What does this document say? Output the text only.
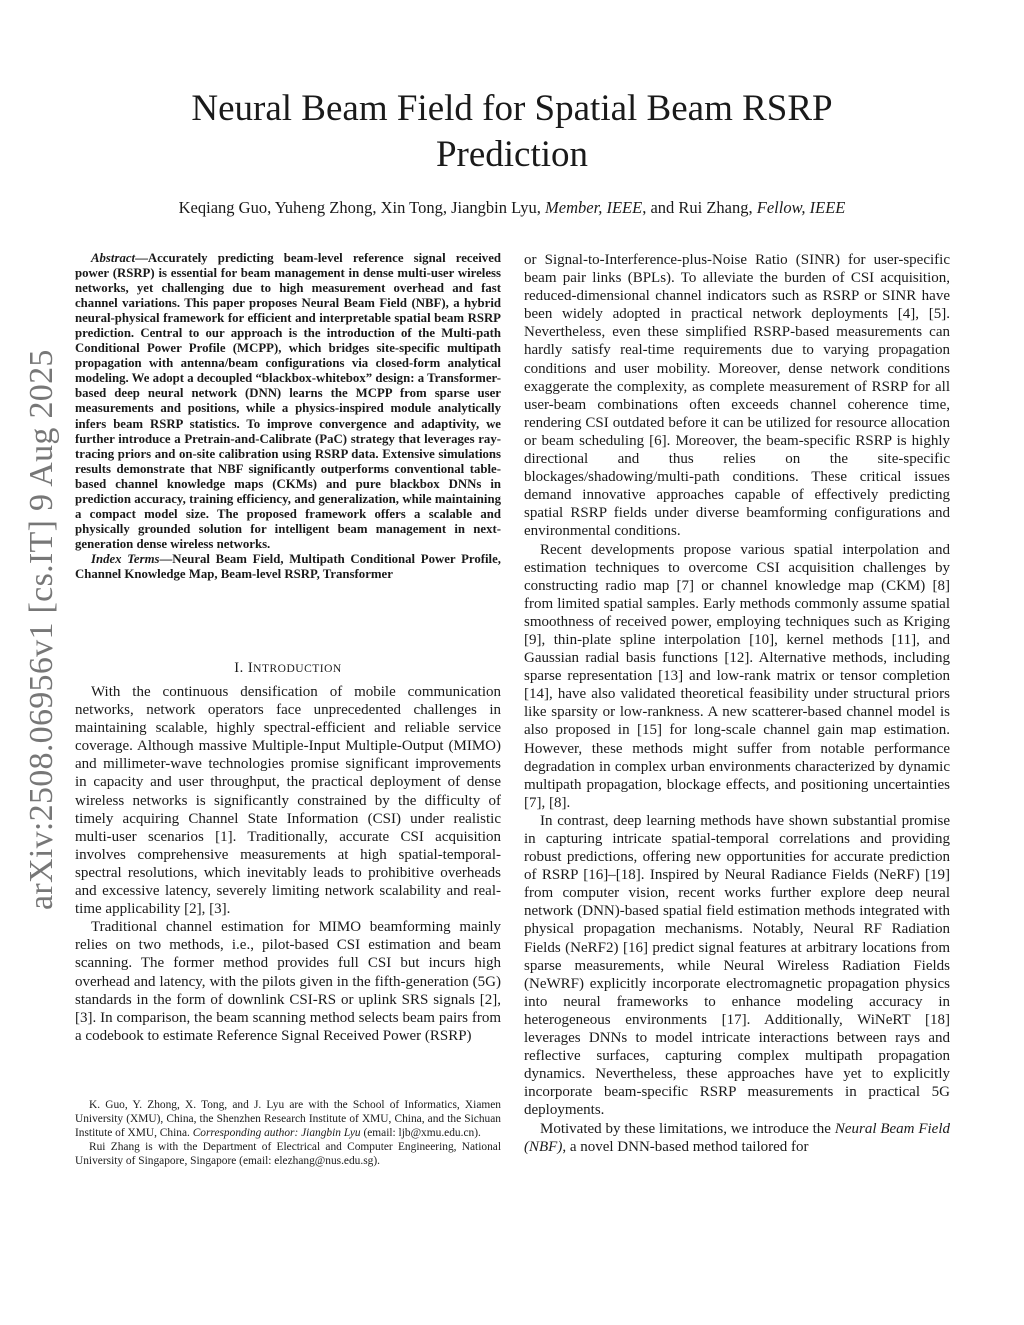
Neural Beam Field for Spatial Beam RSRP
Prediction
Keqiang Guo, Yuheng Zhong, Xin Tong, Jiangbin Lyu, Member, IEEE, and Rui Zhang, Fellow, IEEE
arXiv:2508.06956v1 [cs.IT] 9 Aug 2025

Abstract—Accurately predicting beam-level reference signal received power (RSRP) is essential for beam management in dense multi-user wireless networks, yet challenging due to high measurement overhead and fast channel variations. This paper proposes Neural Beam Field (NBF), a hybrid neural-physical framework for efficient and interpretable spatial beam RSRP prediction. Central to our approach is the introduction of the Multi-path Conditional Power Profile (MCPP), which bridges site-specific multipath propagation with antenna/beam configurations via closed-form analytical modeling. We adopt a decoupled “blackbox-whitebox” design: a Transformer-based deep neural network (DNN) learns the MCPP from sparse user measurements and positions, while a physics-inspired module analytically infers beam RSRP statistics. To improve convergence and adaptivity, we further introduce a Pretrain-and-Calibrate (PaC) strategy that leverages ray-tracing priors and on-site calibration using RSRP data. Extensive simulations results demonstrate that NBF significantly outperforms conventional table-based channel knowledge maps (CKMs) and pure blackbox DNNs in prediction accuracy, training efficiency, and generalization, while maintaining a compact model size. The proposed framework offers a scalable and physically grounded solution for intelligent beam management in next-generation dense wireless networks.

Index Terms—Neural Beam Field, Multipath Conditional Power Profile, Channel Knowledge Map, Beam-level RSRP, Transformer

I. INTRODUCTION

With the continuous densification of mobile communication networks, network operators face unprecedented challenges in maintaining scalable, highly spectral-efficient and reliable service coverage. Although massive Multiple-Input Multiple-Output (MIMO) and millimeter-wave technologies promise significant improvements in capacity and user throughput, the practical deployment of dense wireless networks is significantly constrained by the difficulty of timely acquiring Channel State Information (CSI) under realistic multi-user scenarios [1]. Traditionally, accurate CSI acquisition involves comprehensive measurements at high spatial-temporal-spectral resolutions, which inevitably leads to prohibitive overheads and excessive latency, severely limiting network scalability and real-time applicability [2], [3].

Traditional channel estimation for MIMO beamforming mainly relies on two methods, i.e., pilot-based CSI estimation and beam scanning. The former method provides full CSI but incurs high overhead and latency, with the pilots given in the fifth-generation (5G) standards in the form of downlink CSI-RS or uplink SRS signals [2], [3]. In comparison, the beam scanning method selects beam pairs from a codebook to estimate Reference Signal Received Power (RSRP)

K. Guo, Y. Zhong, X. Tong, and J. Lyu are with the School of Informatics, Xiamen University (XMU), China, the Shenzhen Research Institute of XMU, China, and the Sichuan Institute of XMU, China. Corresponding author: Jiangbin Lyu (email: ljb@xmu.edu.cn).

Rui Zhang is with the Department of Electrical and Computer Engineering, National University of Singapore, Singapore (email: elezhang@nus.edu.sg).

or Signal-to-Interference-plus-Noise Ratio (SINR) for user-specific beam pair links (BPLs). To alleviate the burden of CSI acquisition, reduced-dimensional channel indicators such as RSRP or SINR have been widely adopted in practical network deployments [4], [5]. Nevertheless, even these simplified RSRP-based measurements can hardly satisfy real-time requirements due to varying propagation conditions and user mobility. Moreover, dense network conditions exaggerate the complexity, as complete measurement of RSRP for all user-beam combinations often exceeds channel coherence time, rendering CSI outdated before it can be utilized for resource allocation or beam scheduling [6]. Moreover, the beam-specific RSRP is highly directional and thus relies on the site-specific blockages/shadowing/multi-path conditions. These critical issues demand innovative approaches capable of effectively predicting spatial RSRP fields under diverse beamforming configurations and environmental conditions.

Recent developments propose various spatial interpolation and estimation techniques to overcome CSI acquisition challenges by constructing radio map [7] or channel knowledge map (CKM) [8] from limited spatial samples. Early methods commonly assume spatial smoothness of received power, employing techniques such as Kriging [9], thin-plate spline interpolation [10], kernel methods [11], and Gaussian radial basis functions [12]. Alternative methods, including sparse representation [13] and low-rank matrix or tensor completion [14], have also validated theoretical feasibility under structural priors like sparsity or low-rankness. A new scatterer-based channel model is also proposed in [15] for long-scale channel gain map estimation. However, these methods might suffer from notable performance degradation in complex urban environments characterized by dynamic multipath propagation, blockage effects, and positioning uncertainties [7], [8].

In contrast, deep learning methods have shown substantial promise in capturing intricate spatial-temporal correlations and providing robust predictions, offering new opportunities for accurate prediction of RSRP [16]–[18]. Inspired by Neural Radiance Fields (NeRF) [19] from computer vision, recent works further explore deep neural network (DNN)-based spatial field estimation methods integrated with physical propagation mechanisms. Notably, Neural RF Radiation Fields (NeRF2) [16] predict signal features at arbitrary locations from sparse measurements, while Neural Wireless Radiation Fields (NeWRF) explicitly incorporate electromagnetic propagation physics into neural frameworks to enhance modeling accuracy in heterogeneous environments [17]. Additionally, WiNeRT [18] leverages DNNs to model intricate interactions between rays and reflective surfaces, capturing complex multipath propagation dynamics. Nevertheless, these approaches have yet to explicitly incorporate beam-specific RSRP measurements in practical 5G deployments.

Motivated by these limitations, we introduce the Neural Beam Field (NBF), a novel DNN-based method tailored for
